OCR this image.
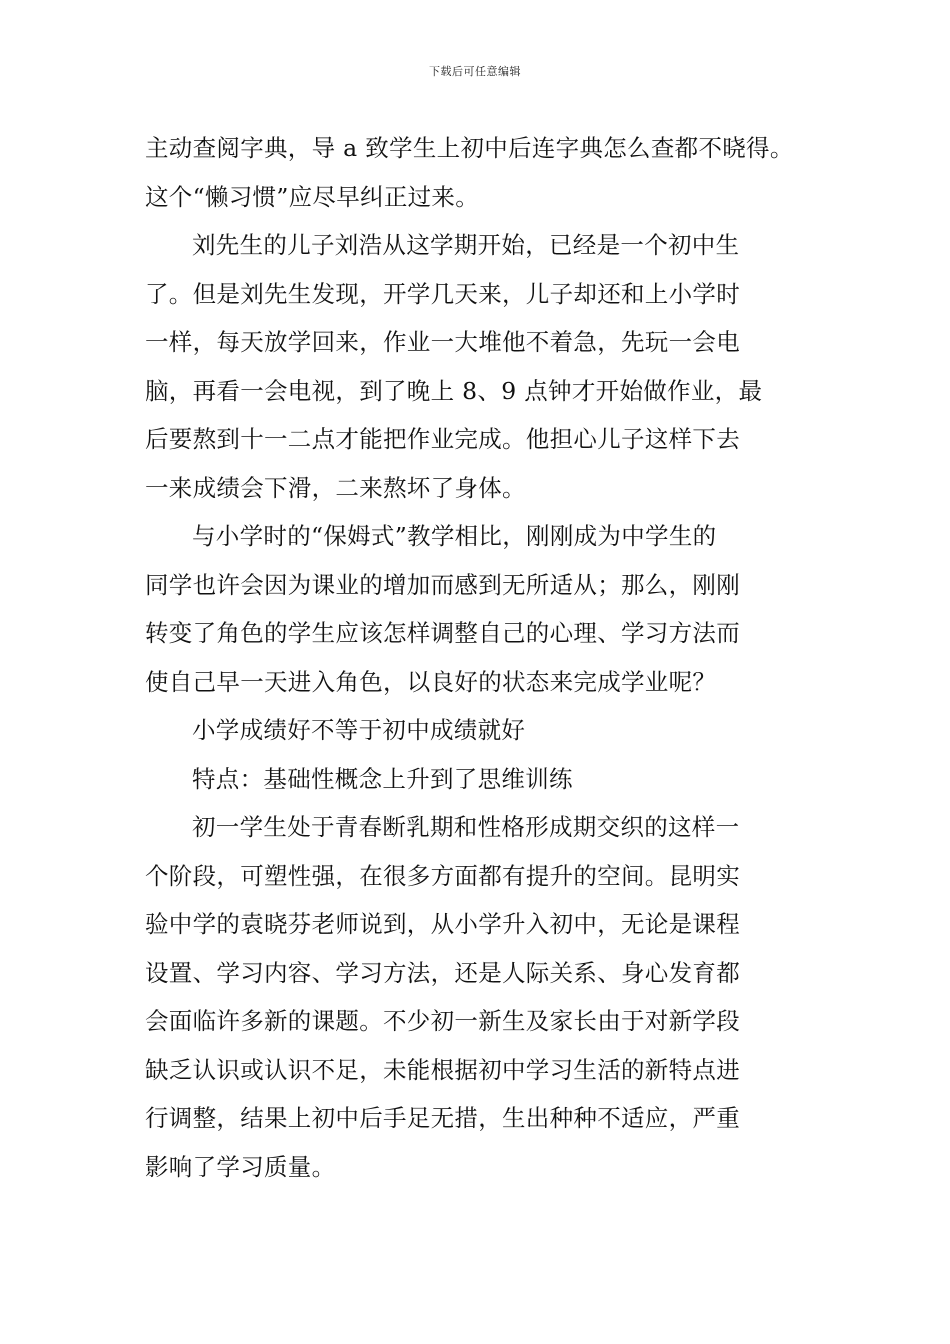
下载后可任意编辑

主动查阅字典，导 a 致学生上初中后连字典怎么查都不晓得。
这个“懒习惯”应尽早纠正过来。

刘先生的儿子刘浩从这学期开始，已经是一个初中生
了。但是刘先生发现，开学几天来，儿子却还和上小学时
一样，每天放学回来，作业一大堆他不着急，先玩一会电
脑，再看一会电视，到了晚上 8、9 点钟才开始做作业，最
后要熬到十一二点才能把作业完成。他担心儿子这样下去
一来成绩会下滑，二来熬坏了身体。

与小学时的“保姆式”教学相比，刚刚成为中学生的
同学也许会因为课业的增加而感到无所适从；那么，刚刚
转变了角色的学生应该怎样调整自己的心理、学习方法而
使自己早一天进入角色，以良好的状态来完成学业呢？

小学成绩好不等于初中成绩就好

特点：基础性概念上升到了思维训练

初一学生处于青春断乳期和性格形成期交织的这样一
个阶段，可塑性强，在很多方面都有提升的空间。昆明实
验中学的袁晓芬老师说到，从小学升入初中，无论是课程
设置、学习内容、学习方法，还是人际关系、身心发育都
会面临许多新的课题。不少初一新生及家长由于对新学段
缺乏认识或认识不足，未能根据初中学习生活的新特点进
行调整，结果上初中后手足无措，生出种种不适应，严重
影响了学习质量。
